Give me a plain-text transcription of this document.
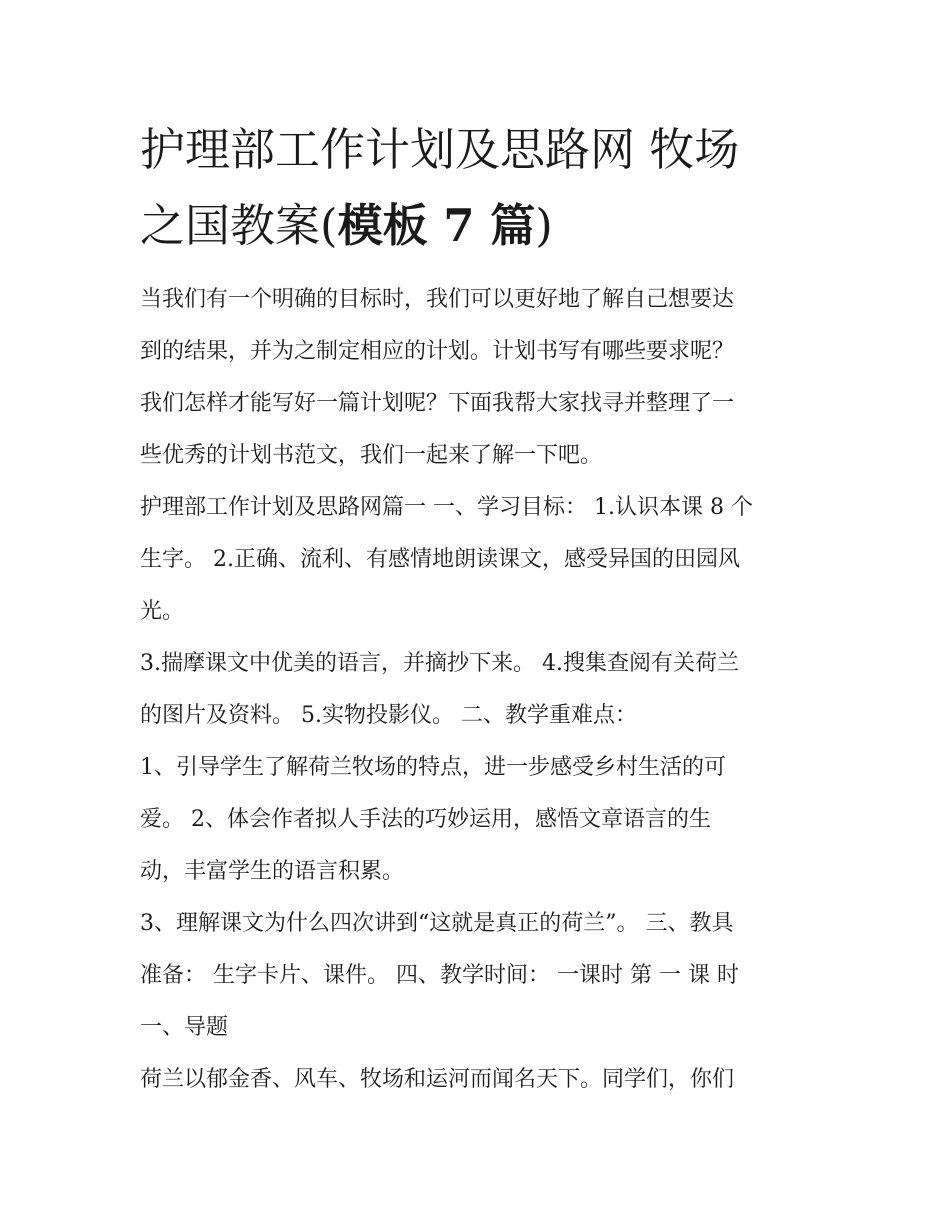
护理部工作计划及思路网 牧场
之国教案(模板 7 篇)

当我们有一个明确的目标时，我们可以更好地了解自己想要达
到的结果，并为之制定相应的计划。计划书写有哪些要求呢？
我们怎样才能写好一篇计划呢？下面我帮大家找寻并整理了一
些优秀的计划书范文，我们一起来了解一下吧。

护理部工作计划及思路网篇一 一、学习目标： 1.认识本课 8 个
生字。 2.正确、流利、有感情地朗读课文，感受异国的田园风
光。

3.揣摩课文中优美的语言，并摘抄下来。 4.搜集查阅有关荷兰
的图片及资料。 5.实物投影仪。 二、教学重难点：

1、引导学生了解荷兰牧场的特点，进一步感受乡村生活的可
爱。 2、体会作者拟人手法的巧妙运用，感悟文章语言的生
动，丰富学生的语言积累。

3、理解课文为什么四次讲到“这就是真正的荷兰”。 三、教具
准备： 生字卡片、课件。 四、教学时间： 一课时 第 一 课 时
一、导题

荷兰以郁金香、风车、牧场和运河而闻名天下。同学们，你们
